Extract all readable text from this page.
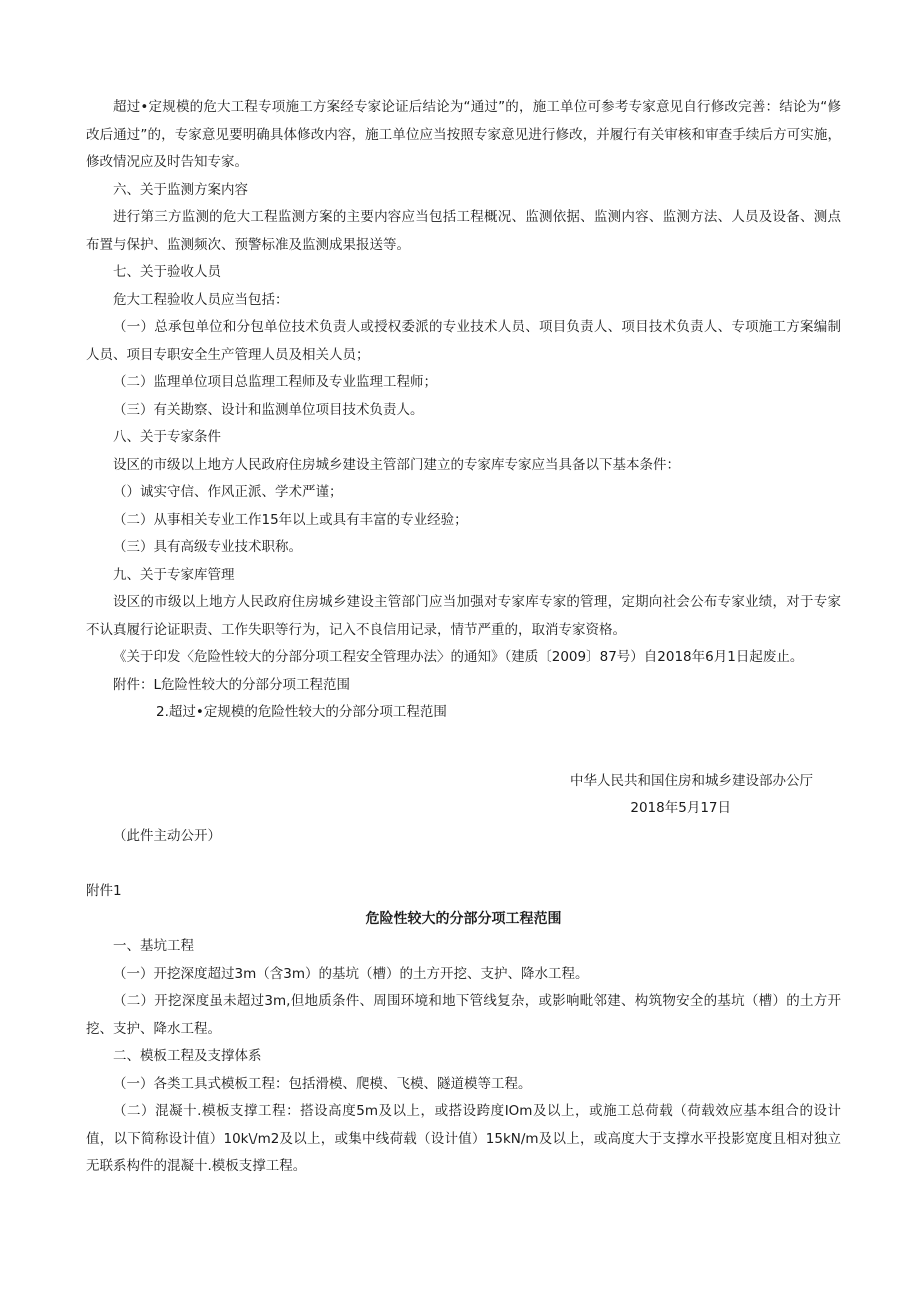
超过•定规模的危大工程专项施工方案经专家论证后结论为“通过”的，施工单位可参考专家意见自行修改完善：结论为“修改后通过”的，专家意见要明确具体修改内容，施工单位应当按照专家意见进行修改，并履行有关审核和审查手续后方可实施，修改情况应及时告知专家。

六、关于监测方案内容

进行第三方监测的危大工程监测方案的主要内容应当包括工程概况、监测依据、监测内容、监测方法、人员及设备、测点布置与保护、监测频次、预警标准及监测成果报送等。

七、关于验收人员

危大工程验收人员应当包括：

（一）总承包单位和分包单位技术负责人或授权委派的专业技术人员、项目负责人、项目技术负责人、专项施工方案编制人员、项目专职安全生产管理人员及相关人员；

（二）监理单位项目总监理工程师及专业监理工程师；

（三）有关勘察、设计和监测单位项目技术负责人。

八、关于专家条件

设区的市级以上地方人民政府住房城乡建设主管部门建立的专家库专家应当具备以下基本条件：

（）诚实守信、作风正派、学术严谨；

（二）从事相关专业工作15年以上或具有丰富的专业经验；

（三）具有高级专业技术职称。

九、关于专家库管理

设区的市级以上地方人民政府住房城乡建设主管部门应当加强对专家库专家的管理，定期向社会公布专家业绩，对于专家不认真履行论证职责、工作失职等行为，记入不良信用记录，情节严重的，取消专家资格。

《关于印发〈危险性较大的分部分项工程安全管理办法〉的通知》（建质〔2009〕87号）自2018年6月1日起废止。

附件：L危险性较大的分部分项工程范围

2.超过•定规模的危险性较大的分部分项工程范围

中华人民共和国住房和城乡建设部办公厅

2018年5月17日

（此件主动公开）

附件1

危险性较大的分部分项工程范围

一、基坑工程

（一）开挖深度超过3m（含3m）的基坑（槽）的土方开挖、支护、降水工程。

（二）开挖深度虽未超过3m,但地质条件、周围环境和地下管线复杂，或影响毗邻建、构筑物安全的基坑（槽）的土方开挖、支护、降水工程。

二、模板工程及支撑体系

（一）各类工具式模板工程：包括滑模、爬模、飞模、隧道模等工程。

（二）混凝十.模板支撑工程：搭设高度5m及以上，或搭设跨度IOm及以上，或施工总荷载（荷载效应基本组合的设计值，以下简称设计值）10k\/m2及以上，或集中线荷载（设计值）15kN∕m及以上，或高度大于支撑水平投影宽度且相对独立无联系构件的混凝十.模板支撑工程。
